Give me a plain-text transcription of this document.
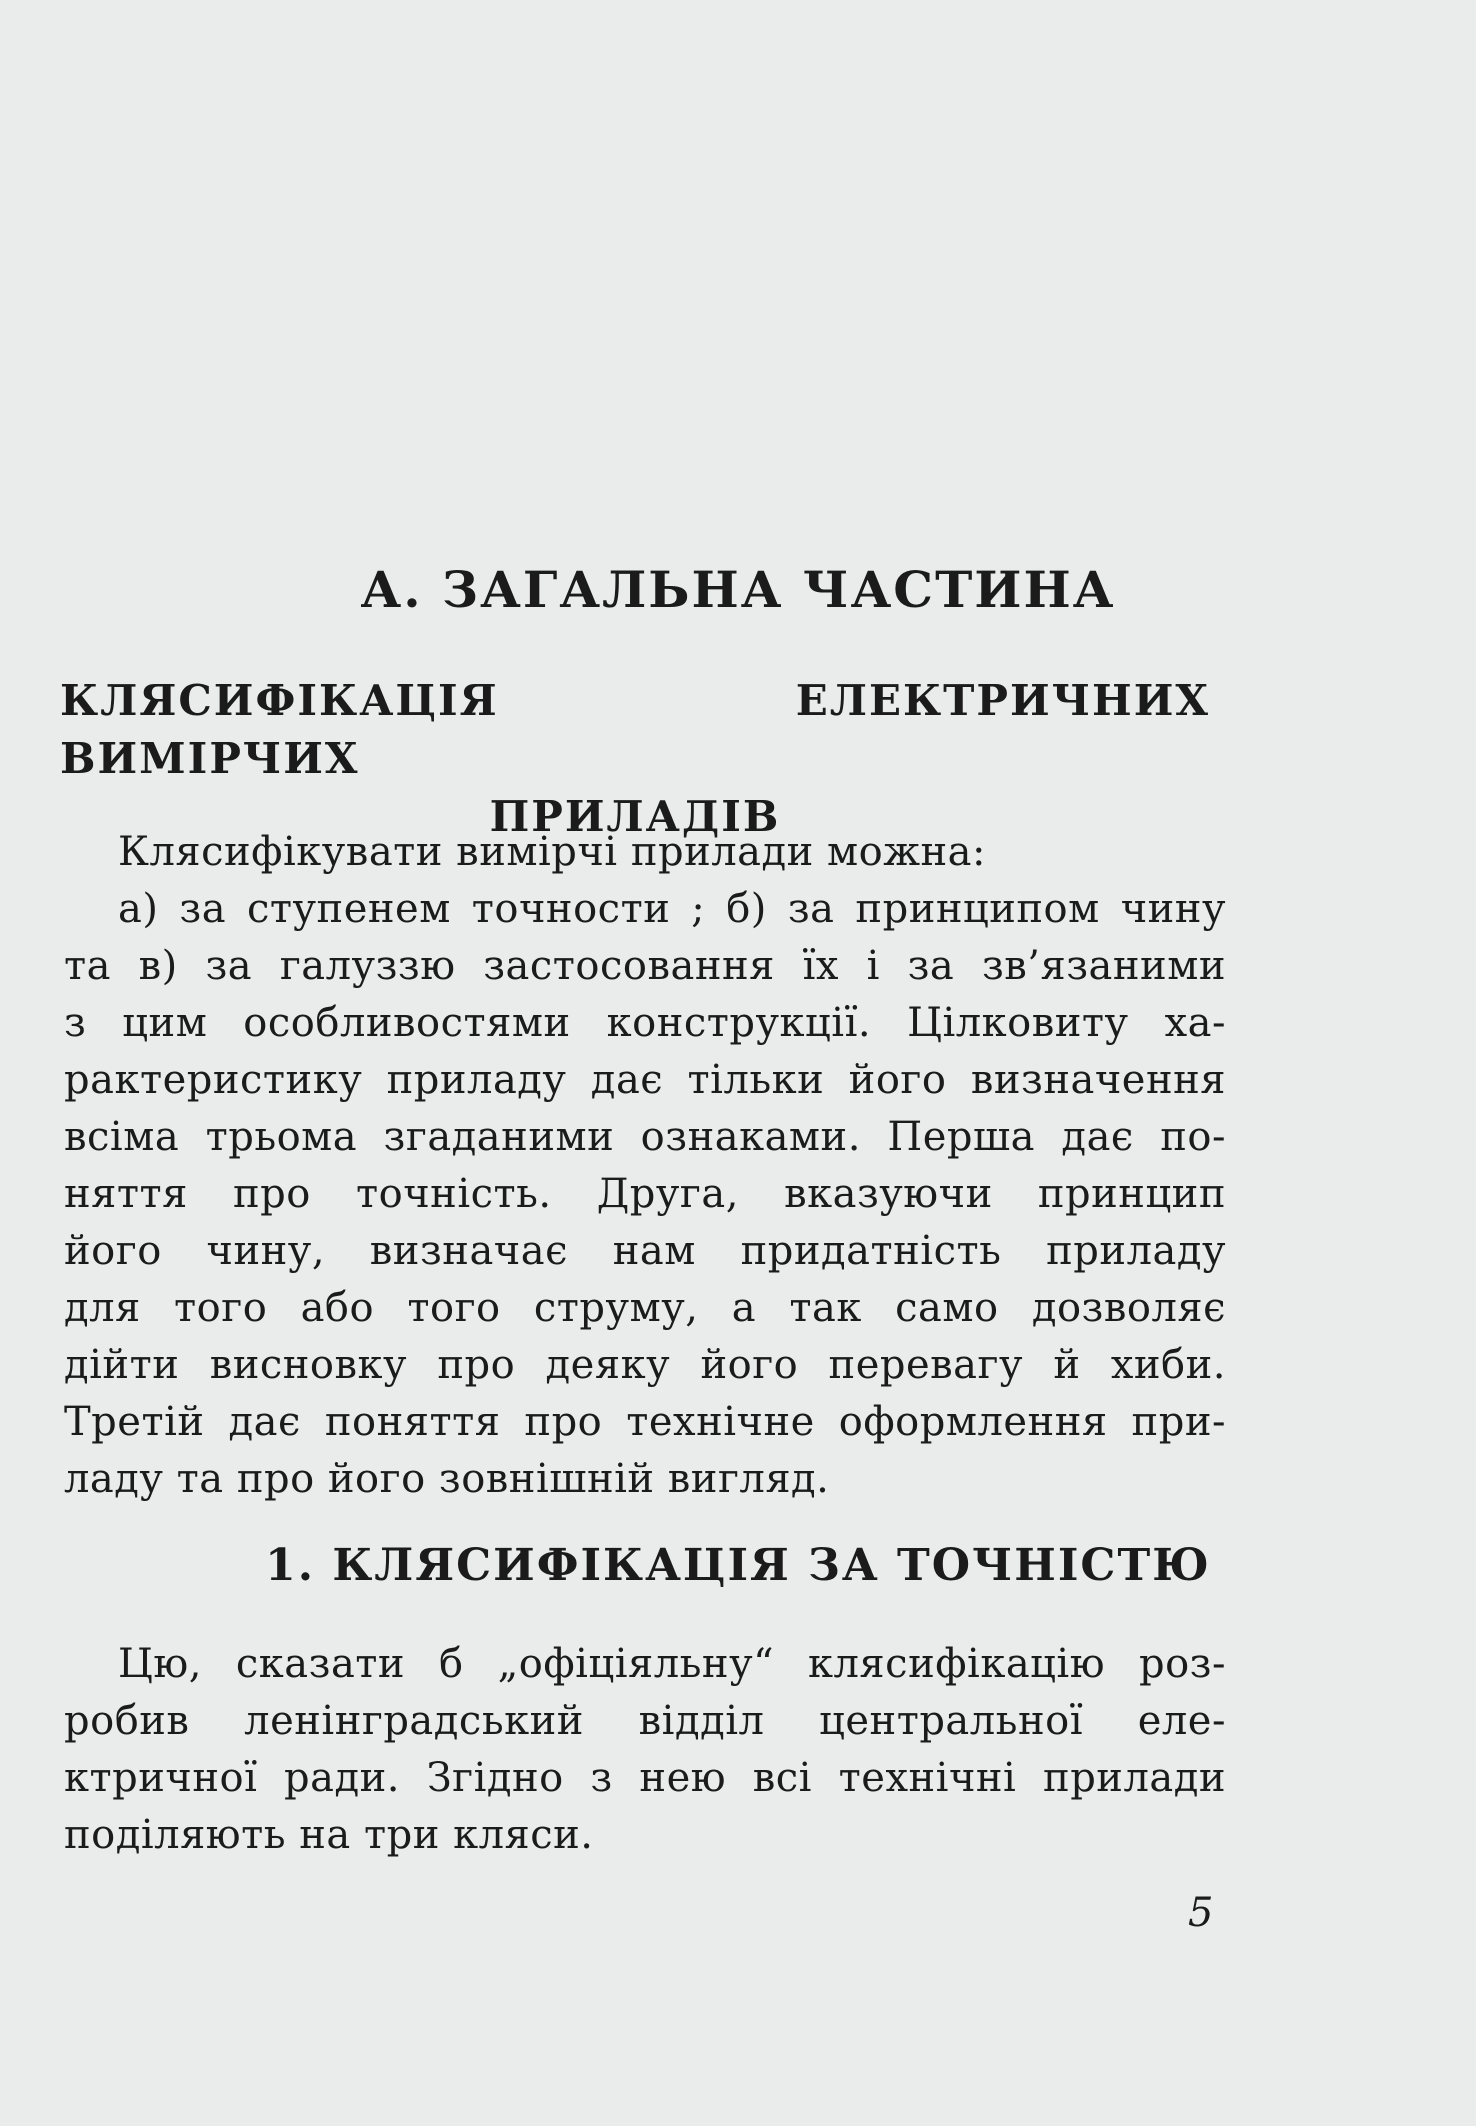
А. ЗАГАЛЬНА ЧАСТИНА
КЛЯСИФІКАЦІЯ ЕЛЕКТРИЧНИХ ВИМІРЧИХ
ПРИЛАДІВ
Клясифікувати вимірчі прилади можна:
а) за ступенем точности ; б) за принципом чину
та в) за галуззю застосовання їх і за зв’язаними
з цим особливостями конструкції. Цілковиту ха-
рактеристику приладу дає тільки його визначення
всіма трьома згаданими ознаками. Перша дає по-
няття про точність. Друга, вказуючи принцип
його чину, визначає нам придатність приладу
для того або того струму, а так само дозволяє
дійти висновку про деяку його перевагу й хиби.
Третій дає поняття про технічне оформлення при-
ладу та про його зовнішній вигляд.
1. КЛЯСИФІКАЦІЯ ЗА ТОЧНІСТЮ
Цю, сказати б „офіціяльну“ клясифікацію роз-
робив ленінградський відділ центральної еле-
ктричної ради. Згідно з нею всі технічні прилади
поділяють на три кляси.
5
